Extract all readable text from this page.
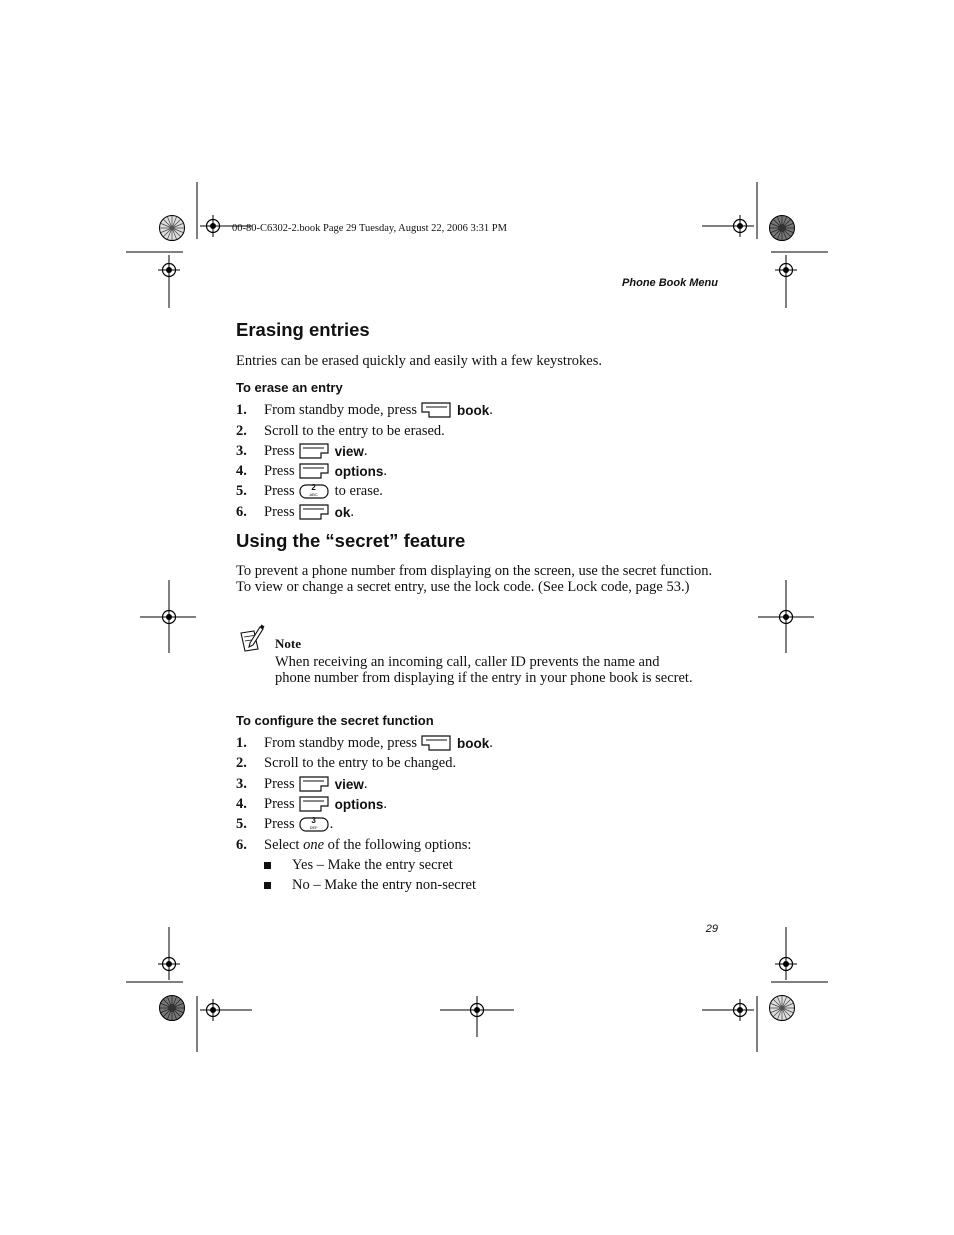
00-80-C6302-2.book Page 29 Tuesday, August 22, 2006 3:31 PM
Phone Book Menu
Erasing entries
Entries can be erased quickly and easily with a few keystrokes.
To erase an entry
1.	From standby mode, press	book .
2.	Scroll to the entry to be erased.
3.	Press	view .
4.	Press	options .
5.	Press	2
ABC	to erase.
6.	Press	ok .
Using the “secret” feature
To prevent a phone number from displaying on the screen, use the secret function. To view or change a secret entry, use the lock code. (See Lock code, page 53.)
Note
When receiving an incoming call, caller ID prevents the name and phone number from displaying if the entry in your phone book is secret.
To configure the secret function
1.	From standby mode, press	book .
2.	Scroll to the entry to be changed.
3.	Press	view .
4.	Press	options .
5.	Press	3
DEF .
6.	Select
one
of the following options:
Yes – Make the entry secret
No – Make the entry non-secret
29
